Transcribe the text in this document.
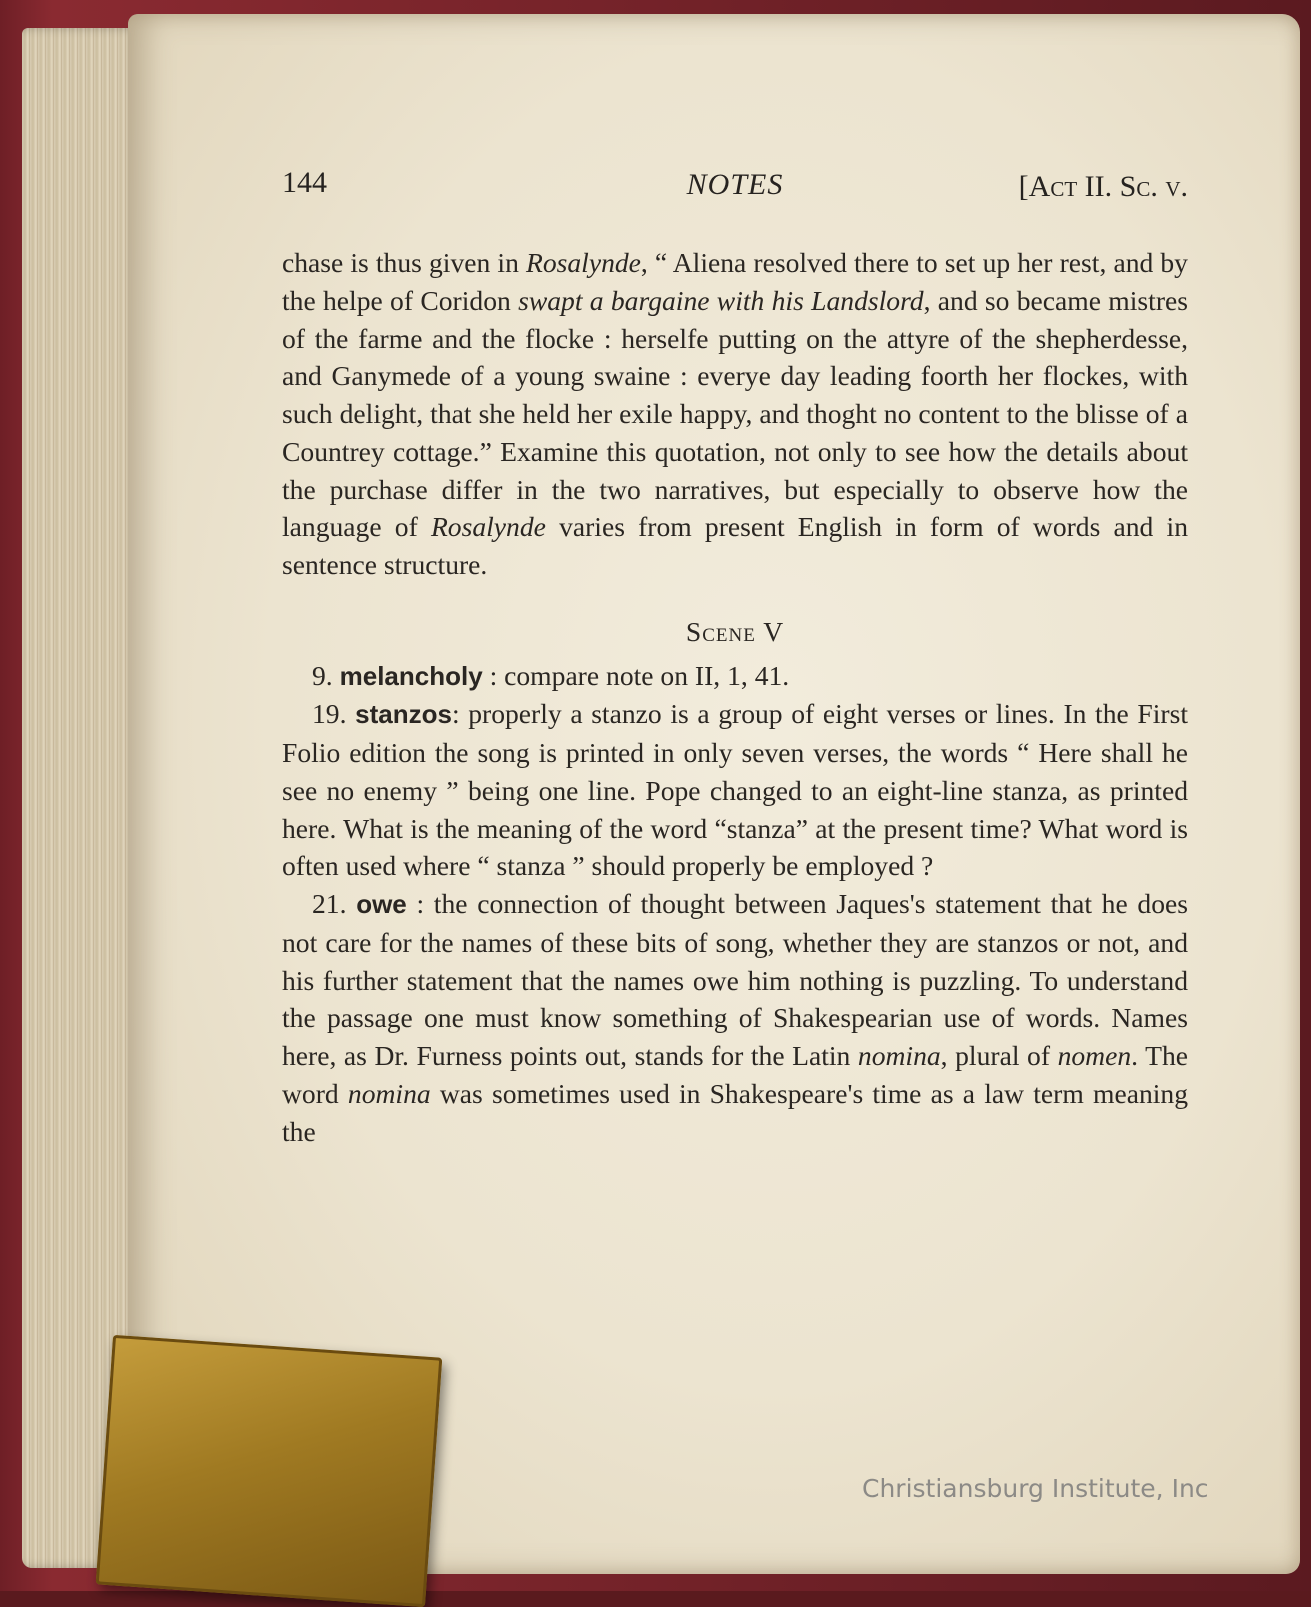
144	NOTES	[Act II. Sc. v.

chase is thus given in Rosalynde, “ Aliena resolved there to set up her rest, and by the helpe of Coridon swapt a bargaine with his Landslord, and so became mistres of the farme and the flocke : herselfe putting on the attyre of the shepherdesse, and Ganymede of a young swaine : everye day leading foorth her flockes, with such delight, that she held her exile happy, and thoght no content to the blisse of a Countrey cottage.” Examine this quotation, not only to see how the details about the purchase differ in the two narratives, but especially to observe how the language of Rosalynde varies from present English in form of words and in sentence structure.

Scene V

9. melancholy : compare note on II, 1, 41.

19. stanzos: properly a stanzo is a group of eight verses or lines. In the First Folio edition the song is printed in only seven verses, the words “ Here shall he see no enemy ” being one line. Pope changed to an eight-line stanza, as printed here. What is the meaning of the word “stanza” at the present time? What word is often used where “ stanza ” should properly be employed ?

21. owe : the connection of thought between Jaques's statement that he does not care for the names of these bits of song, whether they are stanzos or not, and his further statement that the names owe him nothing is puzzling. To understand the passage one must know something of Shakespearian use of words. Names here, as Dr. Furness points out, stands for the Latin nomina, plural of nomen. The word nomina was sometimes used in Shakespeare's time as a law term meaning the

Christiansburg Institute, Inc
